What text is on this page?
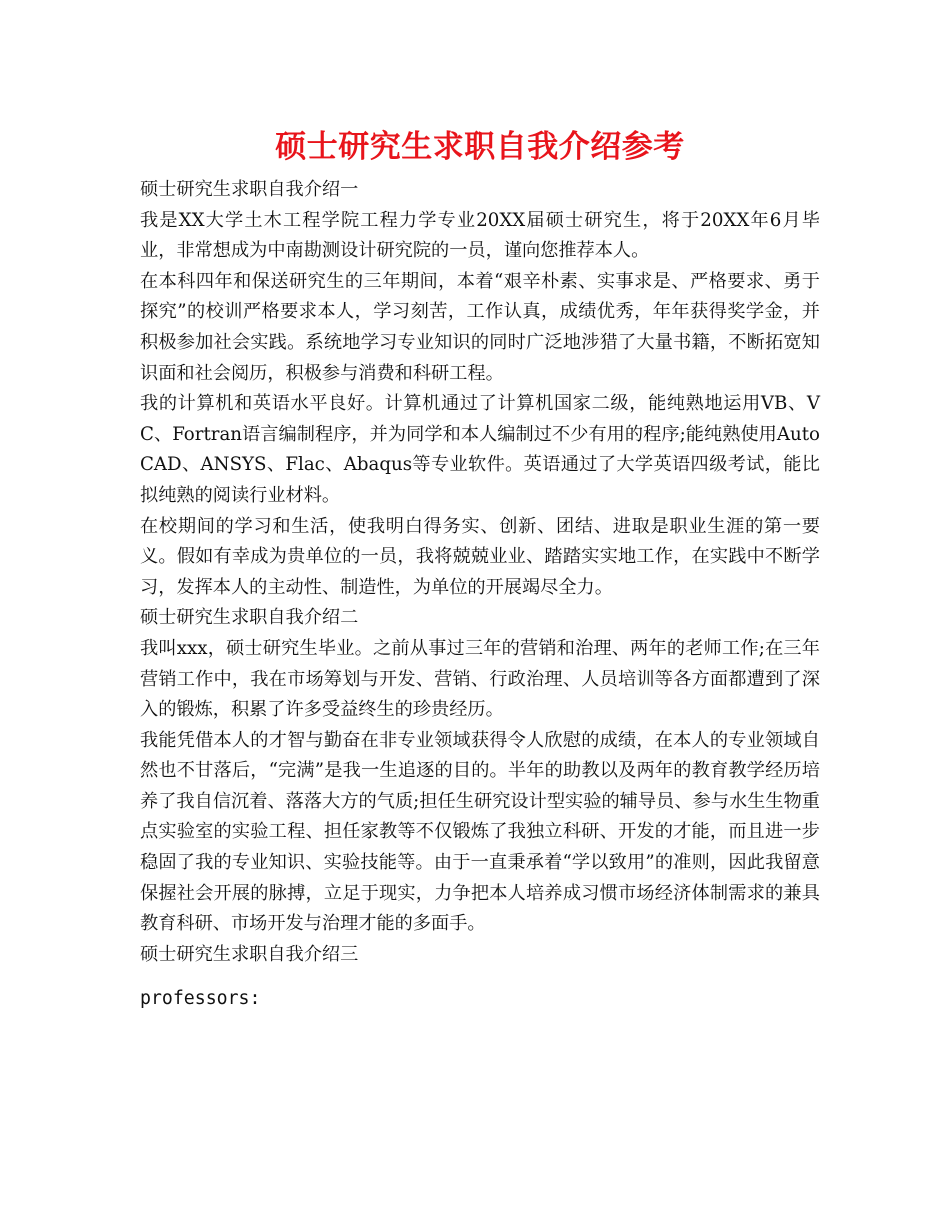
硕士研究生求职自我介绍参考

硕士研究生求职自我介绍一

我是XX大学土木工程学院工程力学专业20XX届硕士研究生，将于20XX年6月毕业，非常想成为中南勘测设计研究院的一员，谨向您推荐本人。

在本科四年和保送研究生的三年期间，本着“艰辛朴素、实事求是、严格要求、勇于探究”的校训严格要求本人，学习刻苦，工作认真，成绩优秀，年年获得奖学金，并积极参加社会实践。系统地学习专业知识的同时广泛地涉猎了大量书籍，不断拓宽知识面和社会阅历，积极参与消费和科研工程。

我的计算机和英语水平良好。计算机通过了计算机国家二级，能纯熟地运用VB、VC、Fortran语言编制程序，并为同学和本人编制过不少有用的程序;能纯熟使用AutoCAD、ANSYS、Flac、Abaqus等专业软件。英语通过了大学英语四级考试，能比拟纯熟的阅读行业材料。

在校期间的学习和生活，使我明白得务实、创新、团结、进取是职业生涯的第一要义。假如有幸成为贵单位的一员，我将兢兢业业、踏踏实实地工作，在实践中不断学习，发挥本人的主动性、制造性，为单位的开展竭尽全力。

硕士研究生求职自我介绍二

我叫xxx，硕士研究生毕业。之前从事过三年的营销和治理、两年的老师工作;在三年营销工作中，我在市场筹划与开发、营销、行政治理、人员培训等各方面都遭到了深入的锻炼，积累了许多受益终生的珍贵经历。

我能凭借本人的才智与勤奋在非专业领域获得令人欣慰的成绩，在本人的专业领域自然也不甘落后，“完满”是我一生追逐的目的。半年的助教以及两年的教育教学经历培养了我自信沉着、落落大方的气质;担任生研究设计型实验的辅导员、参与水生生物重点实验室的实验工程、担任家教等不仅锻炼了我独立科研、开发的才能，而且进一步稳固了我的专业知识、实验技能等。由于一直秉承着“学以致用”的准则，因此我留意保握社会开展的脉搏，立足于现实，力争把本人培养成习惯市场经济体制需求的兼具教育科研、市场开发与治理才能的多面手。

硕士研究生求职自我介绍三

professors:
